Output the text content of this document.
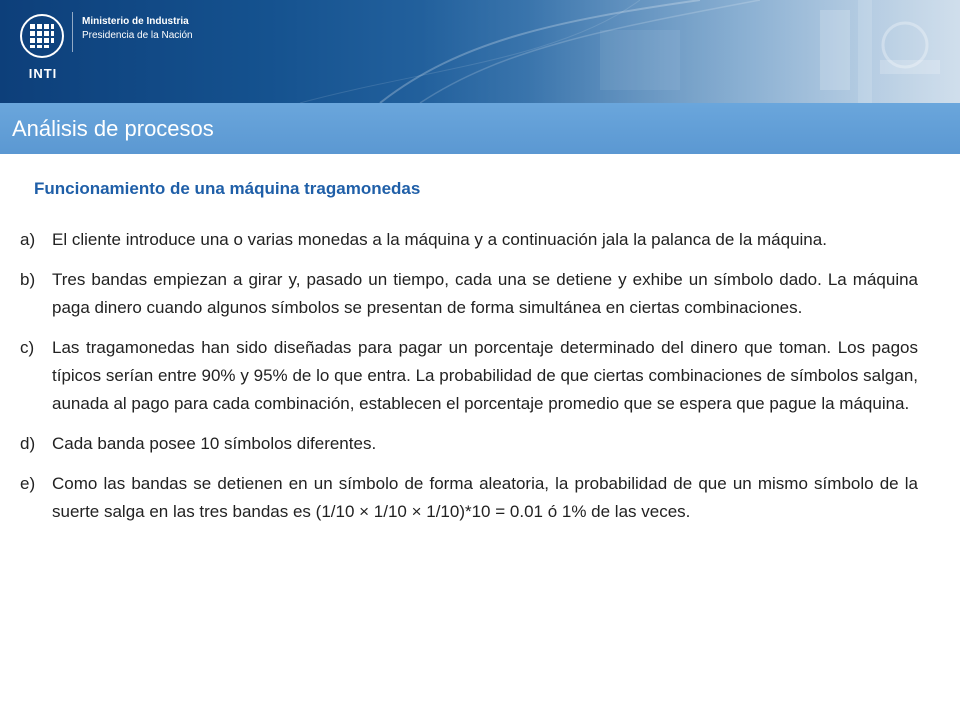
INTI
Ministerio de Industria
Presidencia de la Nación
Análisis de procesos
Funcionamiento de una máquina tragamonedas
a) El cliente introduce una o varias monedas a la máquina y a continuación jala la palanca de la máquina.
b) Tres bandas empiezan a girar y, pasado un tiempo, cada una se detiene y exhibe un símbolo dado. La máquina paga dinero cuando algunos símbolos se presentan de forma simultánea en ciertas combinaciones.
c)	Las tragamonedas han sido diseñadas para pagar un porcentaje determinado del dinero que toman. Los pagos típicos serían entre 90% y 95% de lo que entra. La probabilidad de que ciertas combinaciones de símbolos salgan, aunada al pago para cada combinación, establecen el porcentaje promedio que se espera que pague la máquina.
d) Cada banda posee 10 símbolos diferentes.
e) Como las bandas se detienen en un símbolo de forma aleatoria, la probabilidad de que un mismo símbolo de la suerte salga en las tres bandas es (1/10 × 1/10 × 1/10)*10 = 0.01 ó 1% de las veces.
